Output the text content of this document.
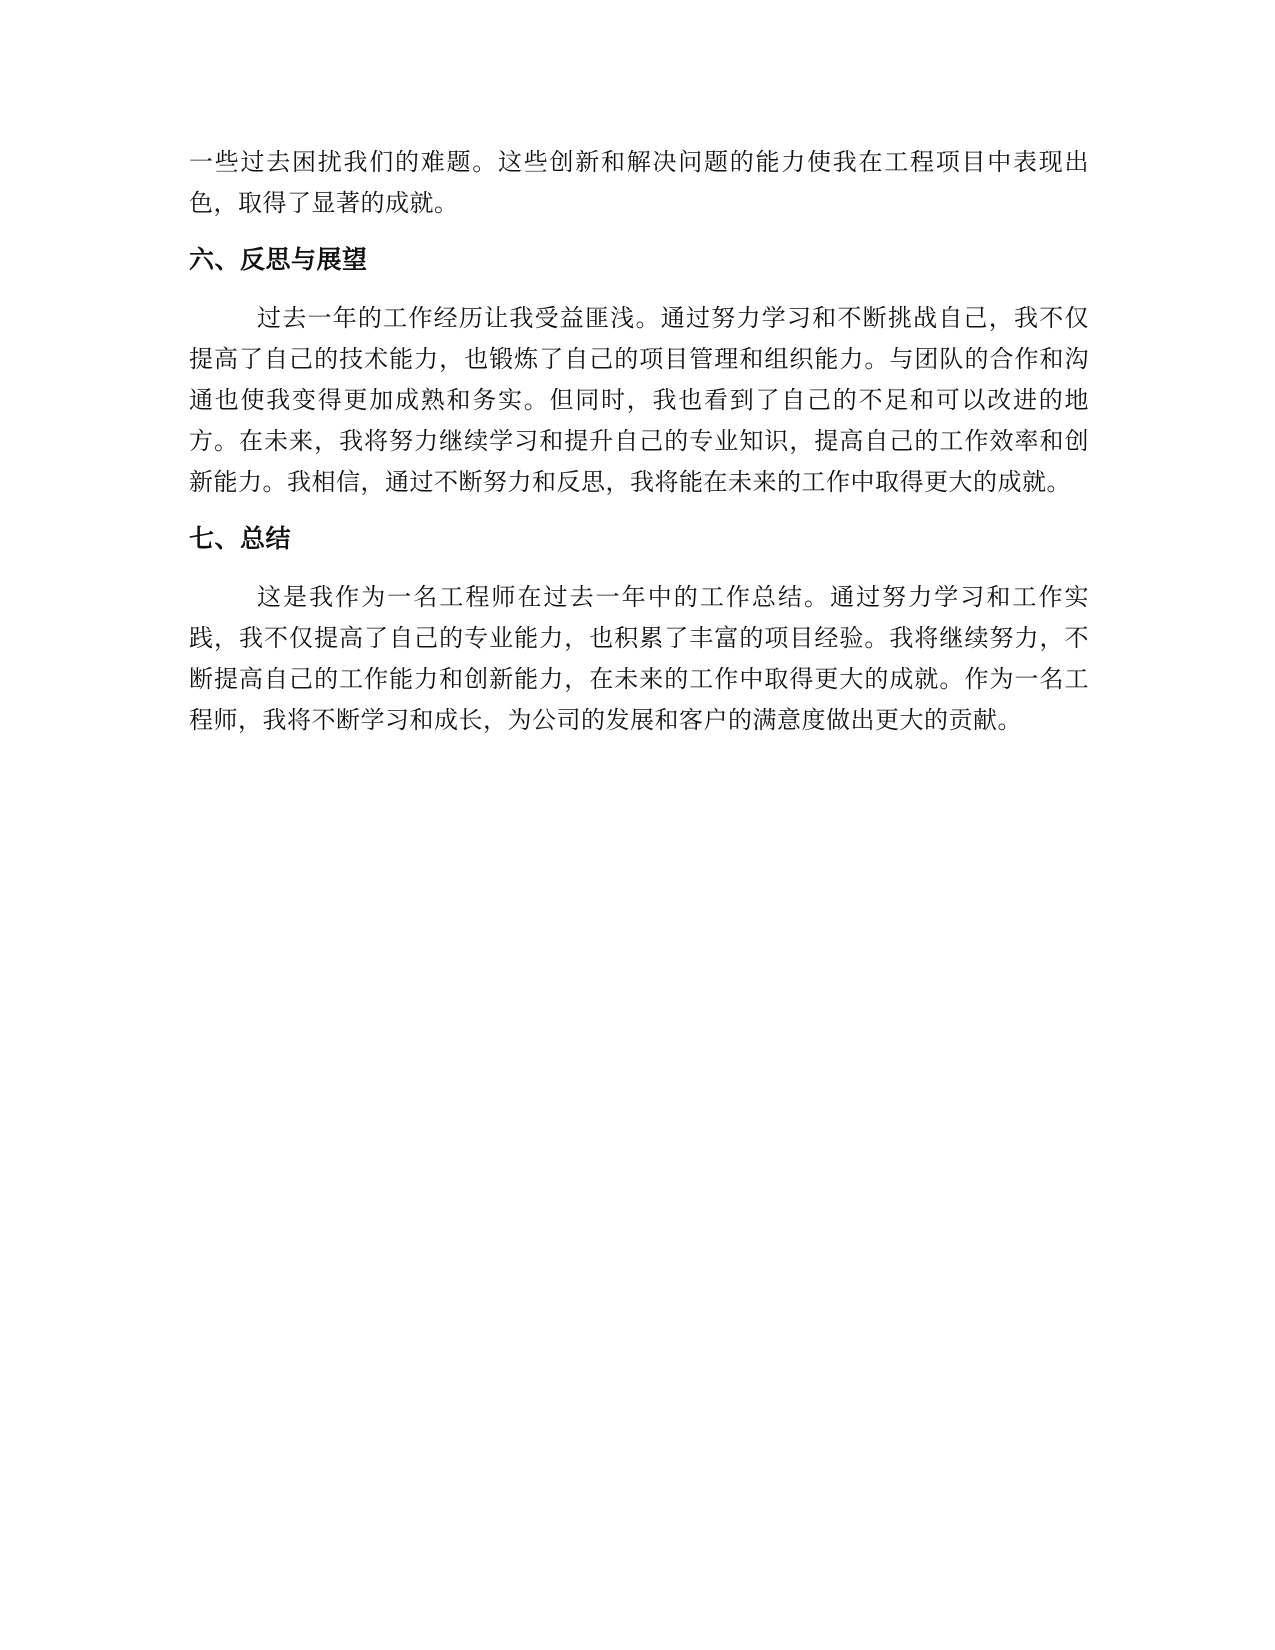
一些过去困扰我们的难题。这些创新和解决问题的能力使我在工程项目中表现出色，取得了显著的成就。

六、反思与展望

过去一年的工作经历让我受益匪浅。通过努力学习和不断挑战自己，我不仅提高了自己的技术能力，也锻炼了自己的项目管理和组织能力。与团队的合作和沟通也使我变得更加成熟和务实。但同时，我也看到了自己的不足和可以改进的地方。在未来，我将努力继续学习和提升自己的专业知识，提高自己的工作效率和创新能力。我相信，通过不断努力和反思，我将能在未来的工作中取得更大的成就。

七、总结

这是我作为一名工程师在过去一年中的工作总结。通过努力学习和工作实践，我不仅提高了自己的专业能力，也积累了丰富的项目经验。我将继续努力，不断提高自己的工作能力和创新能力，在未来的工作中取得更大的成就。作为一名工程师，我将不断学习和成长，为公司的发展和客户的满意度做出更大的贡献。
